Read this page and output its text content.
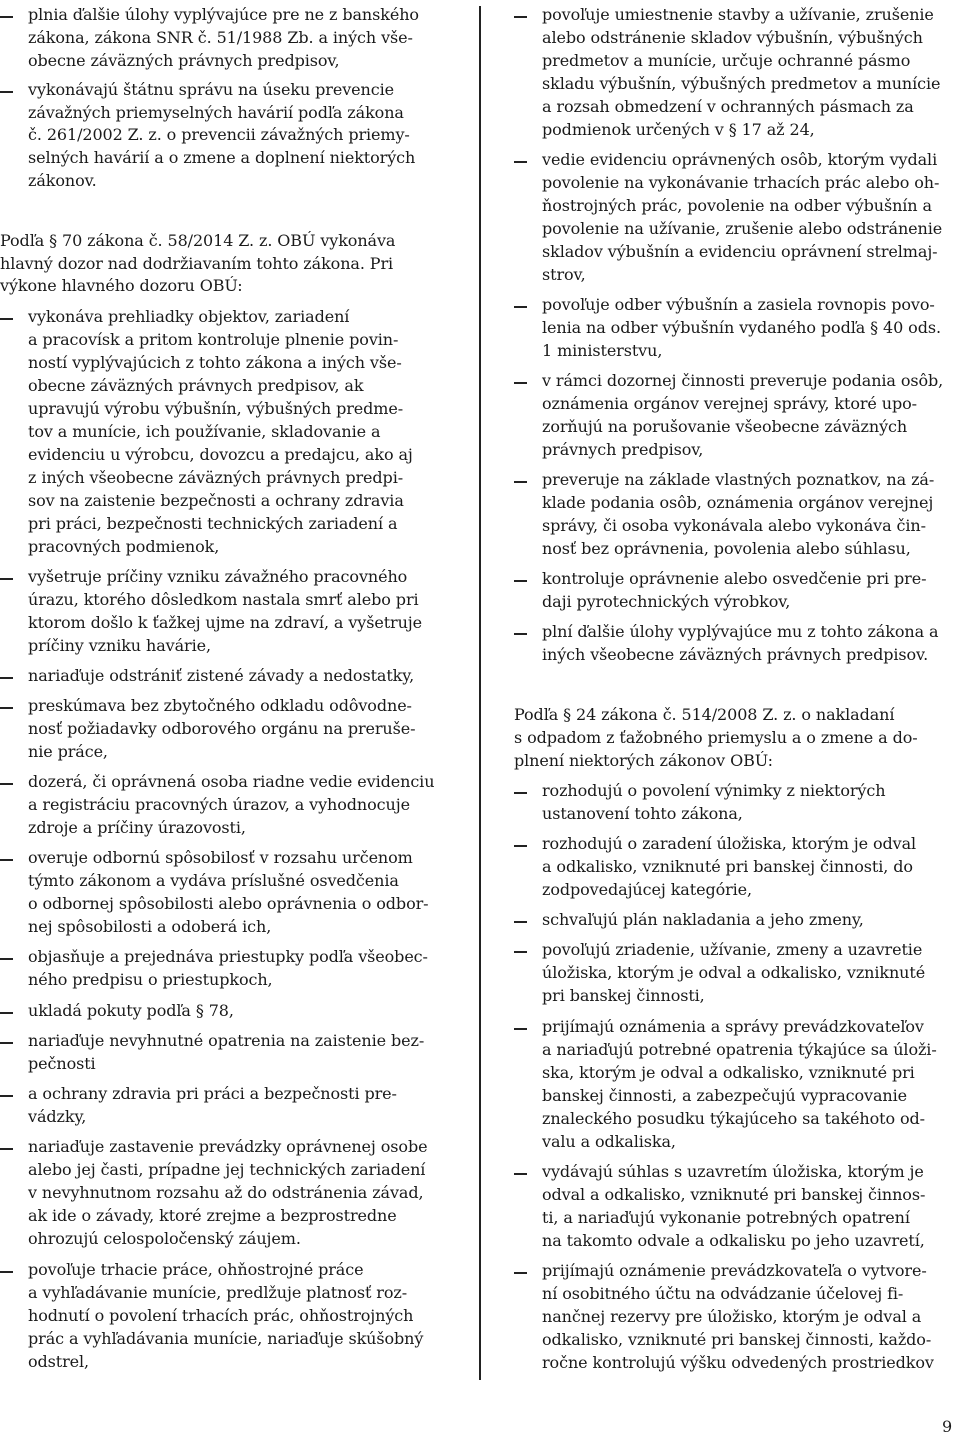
plnia ďalšie úlohy vyplývajúce pre ne z banského
zákona, zákona SNR č. 51/1988 Zb. a iných vše-
obecne záväzných právnych predpisov,
vykonávajú štátnu správu na úseku prevencie
závažných priemyselných havárií podľa zákona
č. 261/2002 Z. z. o prevencii závažných priemy-
selných havárií a o zmene a doplnení niektorých
zákonov.
Podľa § 70 zákona č. 58/2014 Z. z. OBÚ vykonáva
hlavný dozor nad dodržiavaním tohto zákona. Pri
výkone hlavného dozoru OBÚ:
vykonáva prehliadky objektov, zariadení
a pracovísk a pritom kontroluje plnenie povin-
ností vyplývajúcich z tohto zákona a iných vše-
obecne záväzných právnych predpisov, ak
upravujú výrobu výbušnín, výbušných predme-
tov a munície, ich používanie, skladovanie a
evidenciu u výrobcu, dovozcu a predajcu, ako aj
z iných všeobecne záväzných právnych predpi-
sov na zaistenie bezpečnosti a ochrany zdravia
pri práci, bezpečnosti technických zariadení a
pracovných podmienok,
vyšetruje príčiny vzniku závažného pracovného
úrazu, ktorého dôsledkom nastala smrť alebo pri
ktorom došlo k ťažkej ujme na zdraví, a vyšetruje
príčiny vzniku havárie,
nariaďuje odstrániť zistené závady a nedostatky,
preskúmava bez zbytočného odkladu odôvodne-
nosť požiadavky odborového orgánu na prerušе-
nie práce,
dozerá, či oprávnená osoba riadne vedie evidenciu
a registráciu pracovných úrazov, a vyhodnocuje
zdroje a príčiny úrazovosti,
overuje odbornú spôsobilosť v rozsahu určenom
týmto zákonom a vydáva príslušné osvedčenia
o odbornej spôsobilosti alebo oprávnenia o odbor-
nej spôsobilosti a odoberá ich,
objasňuje a prejednáva priestupky podľa všeobec-
ného predpisu o priestupkoch,
ukladá pokuty podľa § 78,
nariaďuje nevyhnutné opatrenia na zaistenie bez-
pečnosti
a ochrany zdravia pri práci a bezpečnosti pre-
vádzky,
nariaďuje zastavenie prevádzky oprávnenej osobe
alebo jej časti, prípadne jej technických zariadení
v nevyhnutnom rozsahu až do odstránenia závad,
ak ide o závady, ktoré zrejme a bezprostredne
ohrozujú celospoločenský záujem.
povoľuje trhacie práce, ohňostrojné práce
a vyhľadávanie munície, predlžuje platnosť roz-
hodnutí o povolení trhacích prác, ohňostrojných
prác a vyhľadávania munície, nariaďuje skúšobný
odstrel,
povoľuje umiestnenie stavby a užívanie, zrušenie
alebo odstránenie skladov výbušnín, výbušných
predmetov a munície, určuje ochranné pásmo
skladu výbušnín, výbušných predmetov a munície
a rozsah obmedzení v ochranných pásmach za
podmienok určených v § 17 až 24,
vedie evidenciu oprávnených osôb, ktorým vydali
povolenie na vykonávanie trhacích prác alebo oh-
ňostrojných prác, povolenie na odber výbušnín a
povolenie na užívanie, zrušenie alebo odstránenie
skladov výbušnín a evidenciu oprávnení strelmaj-
strov,
povoľuje odber výbušnín a zasiela rovnopis povo-
lenia na odber výbušnín vydaného podľa § 40 ods.
1 ministerstvu,
v rámci dozornej činnosti preveruje podania osôb,
oznámenia orgánov verejnej správy, ktoré upo-
zorňujú na porušovanie všeobecne záväzných
právnych predpisov,
preveruje na základe vlastných poznatkov, na zá-
klade podania osôb, oznámenia orgánov verejnej
správy, či osoba vykonávala alebo vykonáva čin-
nosť bez oprávnenia, povolenia alebo súhlasu,
kontroluje oprávnenie alebo osvedčenie pri pre-
daji pyrotechnických výrobkov,
plní ďalšie úlohy vyplývajúce mu z tohto zákona a
iných všeobecne záväzných právnych predpisov.
Podľa § 24 zákona č. 514/2008 Z. z. o nakladaní
s odpadom z ťažobného priemyslu a o zmene a do-
plnení niektorých zákonov OBÚ:
rozhodujú o povolení výnimky z niektorých
ustanovení tohto zákona,
rozhodujú o zaradení úložiska, ktorým je odval
a odkalisko, vzniknuté pri banskej činnosti, do
zodpovedajúcej kategórie,
schvaľujú plán nakladania a jeho zmeny,
povoľujú zriadenie, užívanie, zmeny a uzavretie
úložiska, ktorým je odval a odkalisko, vzniknuté
pri banskej činnosti,
prijímajú oznámenia a správy prevádzkovateľov
a nariaďujú potrebné opatrenia týkajúce sa úloži-
ska, ktorým je odval a odkalisko, vzniknuté pri
banskej činnosti, a zabezpečujú vypracovanie
znaleckého posudku týkajúceho sa takéhoto od-
valu a odkaliska,
vydávajú súhlas s uzavretím úložiska, ktorým je
odval a odkalisko, vzniknuté pri banskej činnos-
ti, a nariaďujú vykonanie potrebných opatrení
na takomto odvale a odkalisku po jeho uzavretí,
prijímajú oznámenie prevádzkovateľa o vytvore-
ní osobitného účtu na odvádzanie účelovej fi-
nančnej rezervy pre úložisko, ktorým je odval a
odkalisko, vzniknuté pri banskej činnosti, každo-
ročne kontrolujú výšku odvedených prostriedkov
9
